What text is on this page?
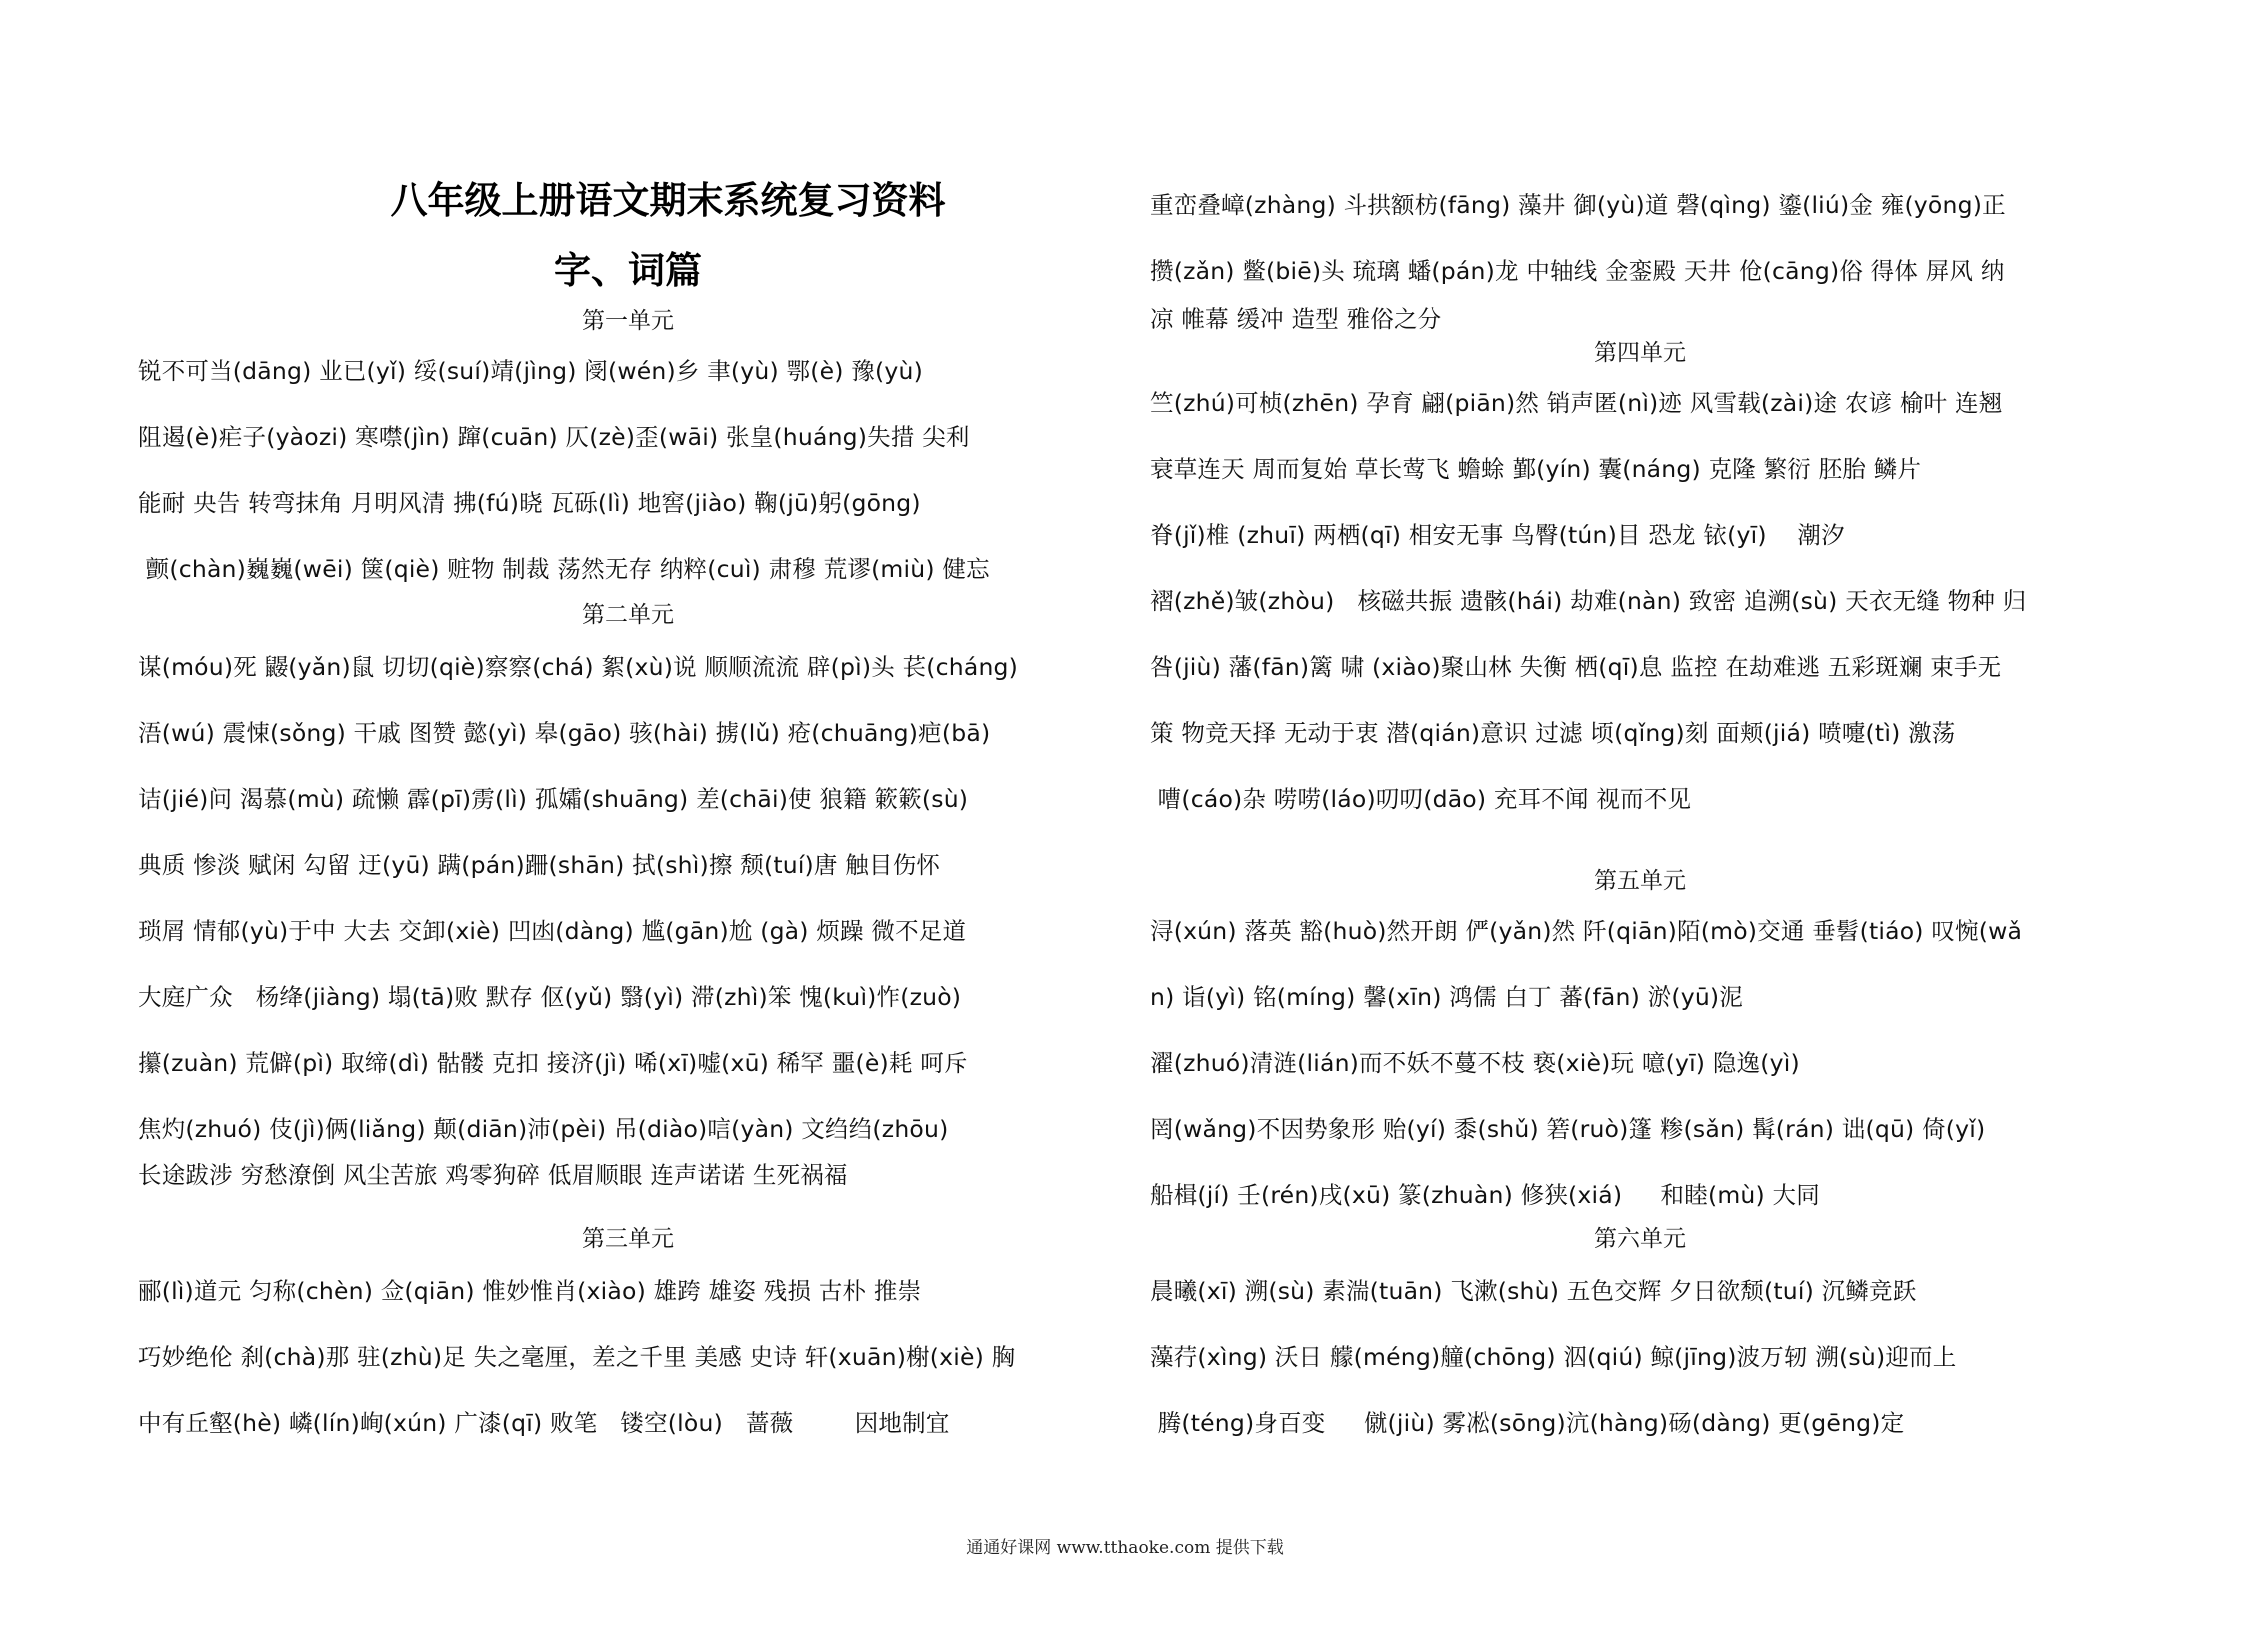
八年级上册语文期末系统复习资料
字、词篇
第一单元
锐不可当(dāng) 业已(yǐ) 绥(suí)靖(jìng) 阌(wén)乡 聿(yù) 鄂(è) 豫(yù)
阻遏(è)疟子(yàozi) 寒噤(jìn) 蹿(cuān) 仄(zè)歪(wāi) 张皇(huáng)失措 尖利
能耐 央告 转弯抹角 月明风清 拂(fú)晓 瓦砾(lì) 地窖(jiào) 鞠(jū)躬(gōng)
颤(chàn)巍巍(wēi) 箧(qiè) 赃物 制裁 荡然无存 纳粹(cuì) 肃穆 荒谬(miù) 健忘
第二单元
谋(móu)死 鼹(yǎn)鼠 切切(qiè)察察(chá) 絮(xù)说 顺顺流流 辟(pì)头 苌(cháng)
浯(wú) 震悚(sǒng) 干戚 图赞 懿(yì) 皋(gāo) 骇(hài) 掳(lǔ) 疮(chuāng)疤(bā)
诘(jié)问 渴慕(mù) 疏懒 霹(pī)雳(lì) 孤孀(shuāng) 差(chāi)使 狼籍 簌簌(sù)
典质 惨淡 赋闲 勾留 迂(yū) 蹒(pán)跚(shān) 拭(shì)擦 颓(tuí)唐 触目伤怀
琐屑 情郁(yù)于中 大去 交卸(xiè) 凹凼(dàng) 尴(gān)尬 (gà) 烦躁 微不足道
大庭广众   杨绛(jiàng) 塌(tā)败 默存 伛(yǔ) 翳(yì) 滞(zhì)笨 愧(kuì)怍(zuò)
攥(zuàn) 荒僻(pì) 取缔(dì) 骷髅 克扣 接济(jì) 唏(xī)嘘(xū) 稀罕 噩(è)耗 呵斥
焦灼(zhuó) 伎(jì)俩(liǎng) 颠(diān)沛(pèi) 吊(diào)唁(yàn) 文绉绉(zhōu)
长途跋涉 穷愁潦倒 风尘苦旅 鸡零狗碎 低眉顺眼 连声诺诺 生死祸福
第三单元
郦(lì)道元 匀称(chèn) 佥(qiān) 惟妙惟肖(xiào) 雄跨 雄姿 残损 古朴 推崇
巧妙绝伦 刹(chà)那 驻(zhù)足 失之毫厘，差之千里 美感 史诗 轩(xuān)榭(xiè) 胸
中有丘壑(hè) 嶙(lín)峋(xún) 广漆(qī) 败笔   镂空(lòu)   蔷薇        因地制宜
重峦叠嶂(zhàng) 斗拱额枋(fāng) 藻井 御(yù)道 磬(qìng) 鎏(liú)金 雍(yōng)正
攒(zǎn) 鳖(biē)头 琉璃 蟠(pán)龙 中轴线 金銮殿 天井 伧(cāng)俗 得体 屏风 纳
凉 帷幕 缓冲 造型 雅俗之分
第四单元
竺(zhú)可桢(zhēn) 孕育 翩(piān)然 销声匿(nì)迹 风雪载(zài)途 农谚 榆叶 连翘
衰草连天 周而复始 草长莺飞 蟾蜍 鄞(yín) 囊(náng) 克隆 繁衍 胚胎 鳞片
脊(jǐ)椎 (zhuī) 两栖(qī) 相安无事 鸟臀(tún)目 恐龙 铱(yī)    潮汐
褶(zhě)皱(zhòu)   核磁共振 遗骸(hái) 劫难(nàn) 致密 追溯(sù) 天衣无缝 物种 归
咎(jiù) 藩(fān)篱 啸 (xiào)聚山林 失衡 栖(qī)息 监控 在劫难逃 五彩斑斓 束手无
策 物竞天择 无动于衷 潜(qián)意识 过滤 顷(qǐng)刻 面颊(jiá) 喷嚏(tì) 激荡
嘈(cáo)杂 唠唠(láo)叨叨(dāo) 充耳不闻 视而不见
第五单元
浔(xún) 落英 豁(huò)然开朗 俨(yǎn)然 阡(qiān)陌(mò)交通 垂髫(tiáo) 叹惋(wǎ
n) 诣(yì) 铭(míng) 馨(xīn) 鸿儒 白丁 蕃(fān) 淤(yū)泥
濯(zhuó)清涟(lián)而不妖不蔓不枝 亵(xiè)玩 噫(yī) 隐逸(yì)
罔(wǎng)不因势象形 贻(yí) 黍(shǔ) 箬(ruò)篷 糁(sǎn) 髯(rán) 诎(qū) 倚(yǐ)
船楫(jí) 壬(rén)戌(xū) 篆(zhuàn) 修狭(xiá)     和睦(mù) 大同
第六单元
晨曦(xī) 溯(sù) 素湍(tuān) 飞漱(shù) 五色交辉 夕日欲颓(tuí) 沉鳞竞跃
藻荇(xìng) 沃日 艨(méng)艟(chōng) 泅(qiú) 鲸(jīng)波万轫 溯(sù)迎而上
腾(téng)身百变     僦(jiù) 雾凇(sōng)沆(hàng)砀(dàng) 更(gēng)定
通通好课网 www.tthaoke.com 提供下载
